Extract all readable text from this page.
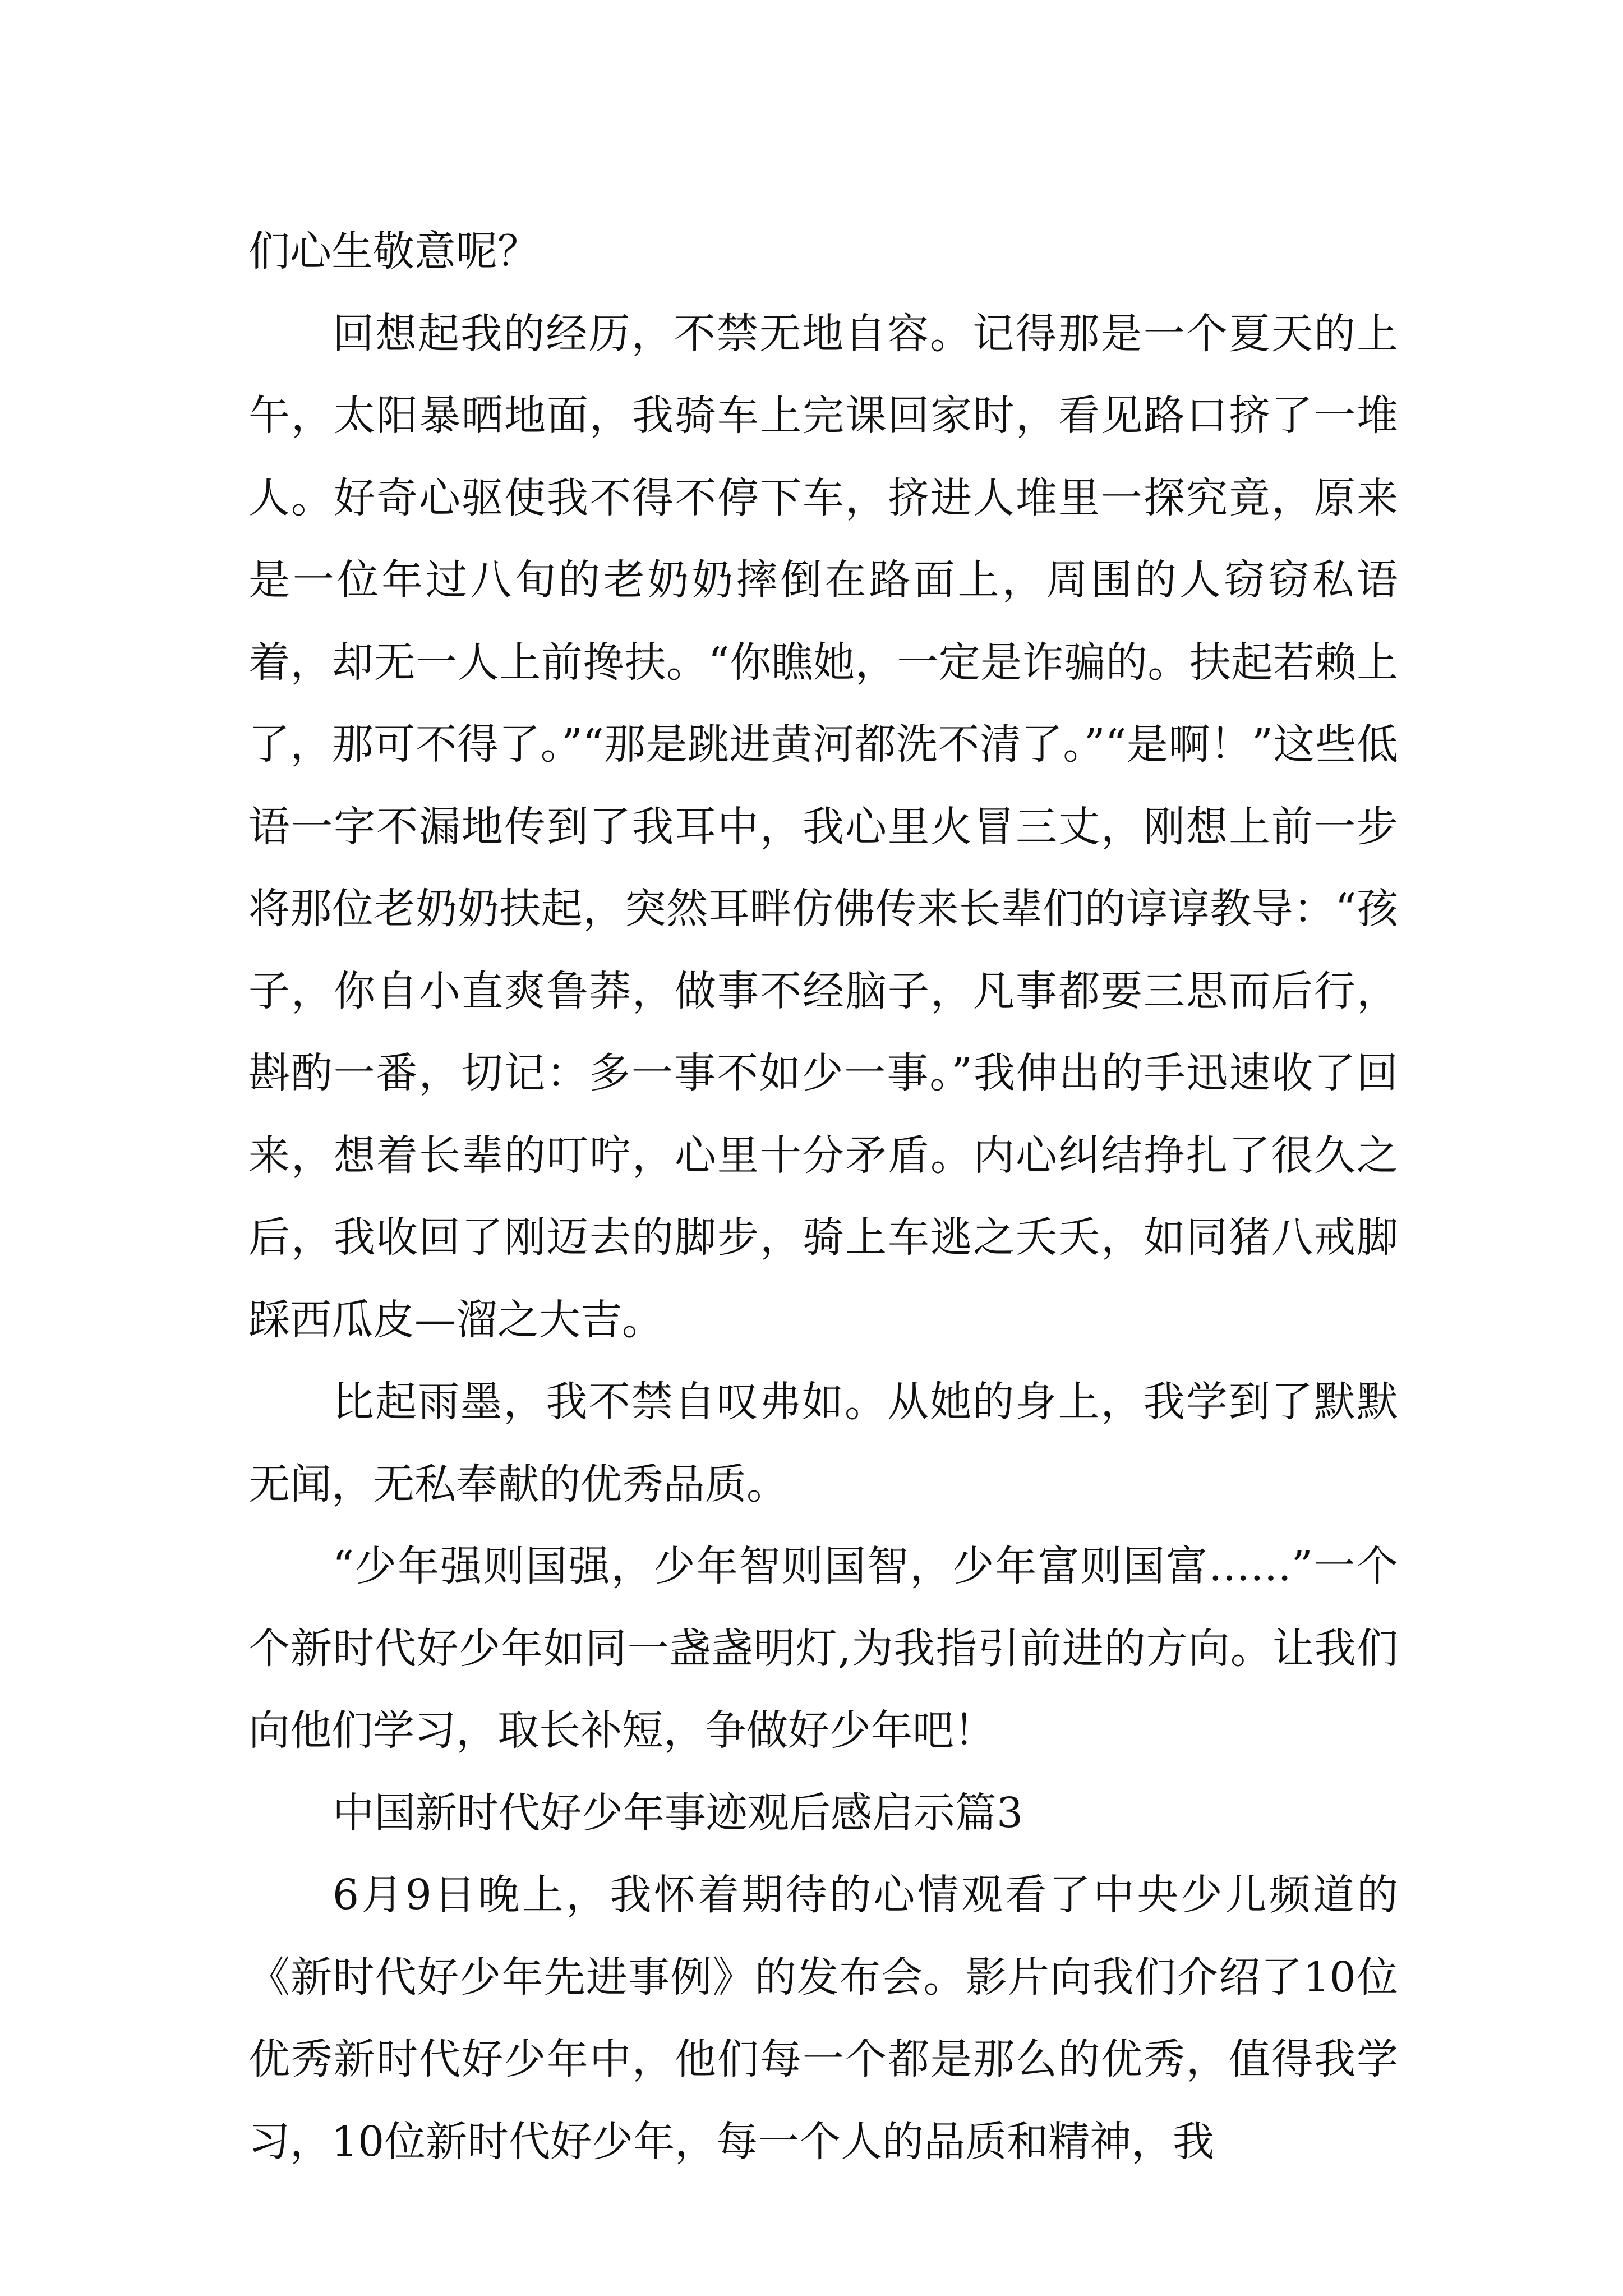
们心生敬意呢？

回想起我的经历，不禁无地自容。记得那是一个夏天的上午，太阳暴晒地面，我骑车上完课回家时，看见路口挤了一堆人。好奇心驱使我不得不停下车，挤进人堆里一探究竟，原来是一位年过八旬的老奶奶摔倒在路面上，周围的人窃窃私语着，却无一人上前搀扶。“你瞧她，一定是诈骗的。扶起若赖上了，那可不得了。”“那是跳进黄河都洗不清了。”“是啊！”这些低语一字不漏地传到了我耳中，我心里火冒三丈，刚想上前一步将那位老奶奶扶起，突然耳畔仿佛传来长辈们的谆谆教导：“孩子，你自小直爽鲁莽，做事不经脑子，凡事都要三思而后行，斟酌一番，切记：多一事不如少一事。”我伸出的手迅速收了回来，想着长辈的叮咛，心里十分矛盾。内心纠结挣扎了很久之后，我收回了刚迈去的脚步，骑上车逃之夭夭，如同猪八戒脚踩西瓜皮—溜之大吉。

比起雨墨，我不禁自叹弗如。从她的身上，我学到了默默无闻，无私奉献的优秀品质。

“少年强则国强，少年智则国智，少年富则国富……”一个个新时代好少年如同一盏盏明灯,为我指引前进的方向。让我们向他们学习，取长补短，争做好少年吧！

中国新时代好少年事迹观后感启示篇3

6月9日晚上，我怀着期待的心情观看了中央少儿频道的《新时代好少年先进事例》的发布会。影片向我们介绍了10位优秀新时代好少年中，他们每一个都是那么的优秀，值得我学习，10位新时代好少年，每一个人的品质和精神，我
